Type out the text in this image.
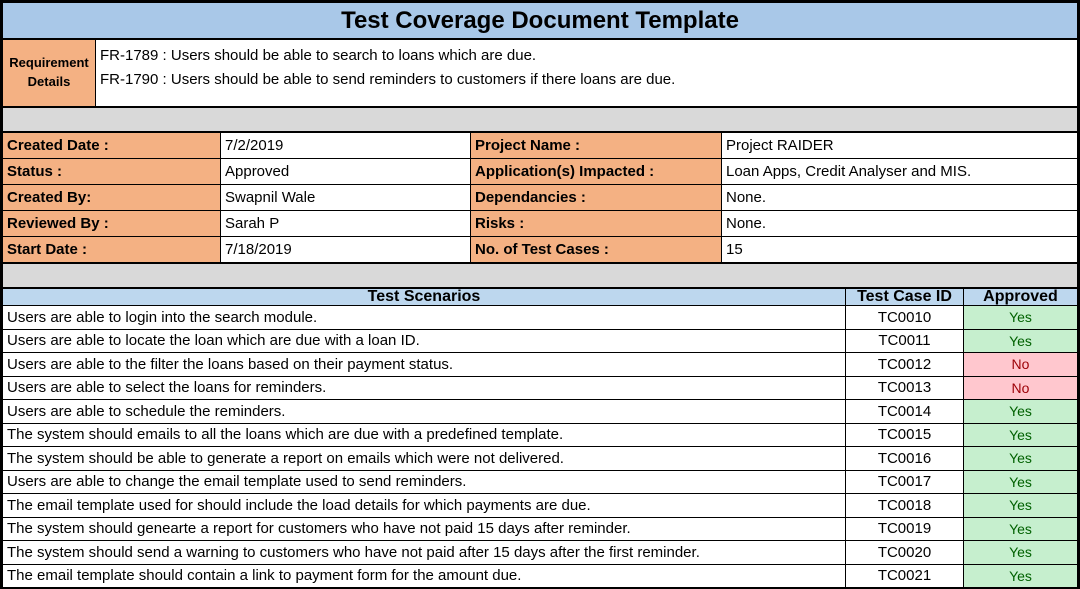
Test Coverage Document Template
Requirement Details	
FR-1789 : Users should be able to search to loans which are due.
FR-1790 : Users should be able to send reminders to customers if there loans are due.
Created Date :	7/2/2019	Project Name :	Project RAIDER
Status :	Approved	Application(s) Impacted :	Loan Apps, Credit Analyser and MIS.
Created By:	Swapnil Wale	Dependancies :	None.
Reviewed By :	Sarah P	Risks :	None.
Start Date :	7/18/2019	No. of Test Cases :	15
Test Scenarios	Test Case ID	Approved
Users are able to login into the search module.	TC0010	Yes
Users are able to locate the loan which are due with a loan ID.	TC0011	Yes
Users are able to the filter the loans based on their payment status.	TC0012	No
Users are able to select the loans for reminders.	TC0013	No
Users are able to schedule the reminders.	TC0014	Yes
The system should emails to all the loans which are due with a predefined template.	TC0015	Yes
The system should be able to generate a report on emails which were not delivered.	TC0016	Yes
Users are able to change the email template used to send reminders.	TC0017	Yes
The email template used for should include the load details for which payments are due.	TC0018	Yes
The system should genearte a report for customers who have not paid 15 days after reminder.	TC0019	Yes
The system should send a warning to customers who have not paid after 15 days after the first reminder.	TC0020	Yes
The email template should contain a link to payment form for the amount due.	TC0021	Yes
